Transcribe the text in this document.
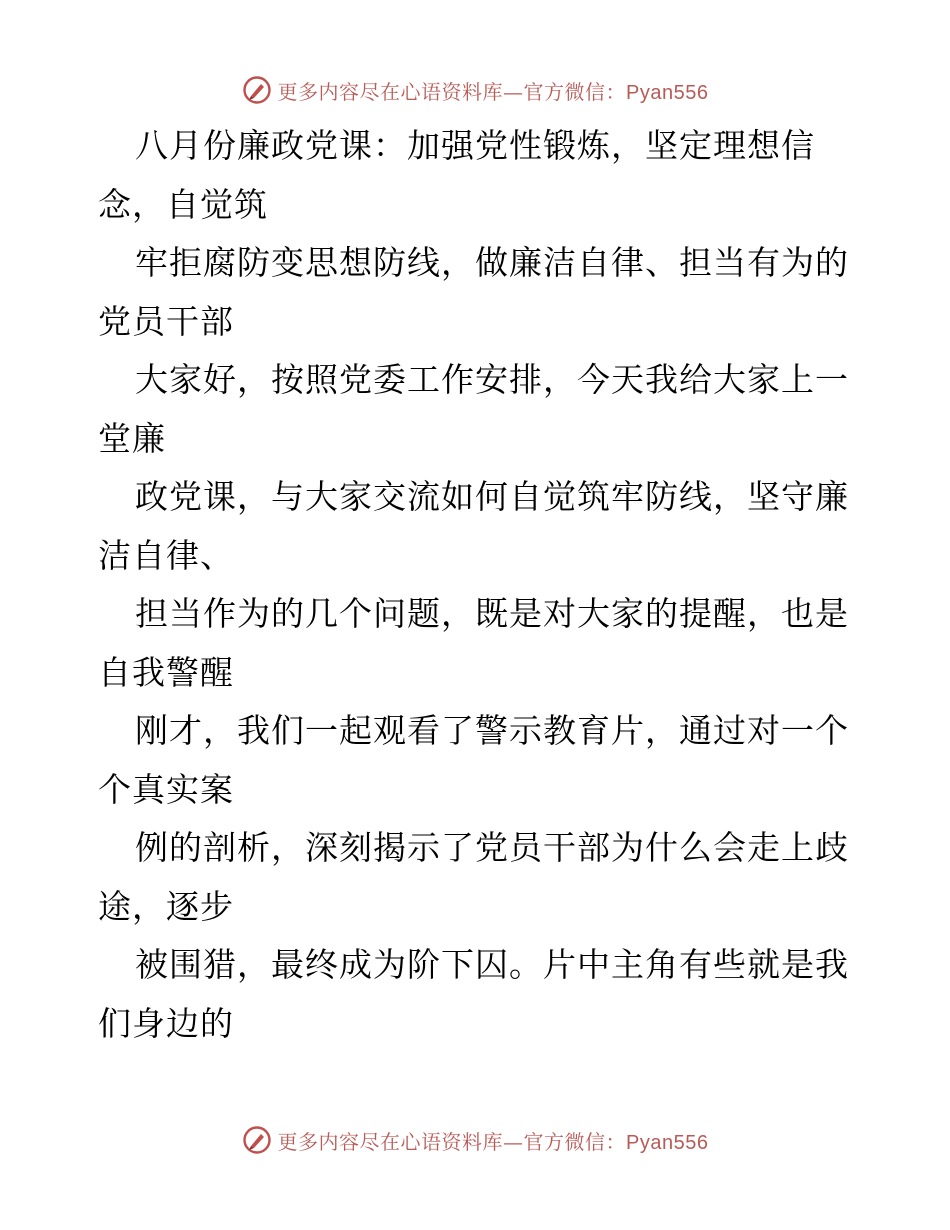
更多内容尽在心语资料库—官方微信：Pyan556
八月份廉政党课：加强党性锻炼，坚定理想信
念，自觉筑
牢拒腐防变思想防线，做廉洁自律、担当有为的
党员干部
大家好，按照党委工作安排，今天我给大家上一
堂廉
政党课，与大家交流如何自觉筑牢防线，坚守廉
洁自律、
担当作为的几个问题，既是对大家的提醒，也是
自我警醒
刚才，我们一起观看了警示教育片，通过对一个
个真实案
例的剖析，深刻揭示了党员干部为什么会走上歧
途，逐步
被围猎，最终成为阶下囚。片中主角有些就是我
们身边的
更多内容尽在心语资料库—官方微信：Pyan556
